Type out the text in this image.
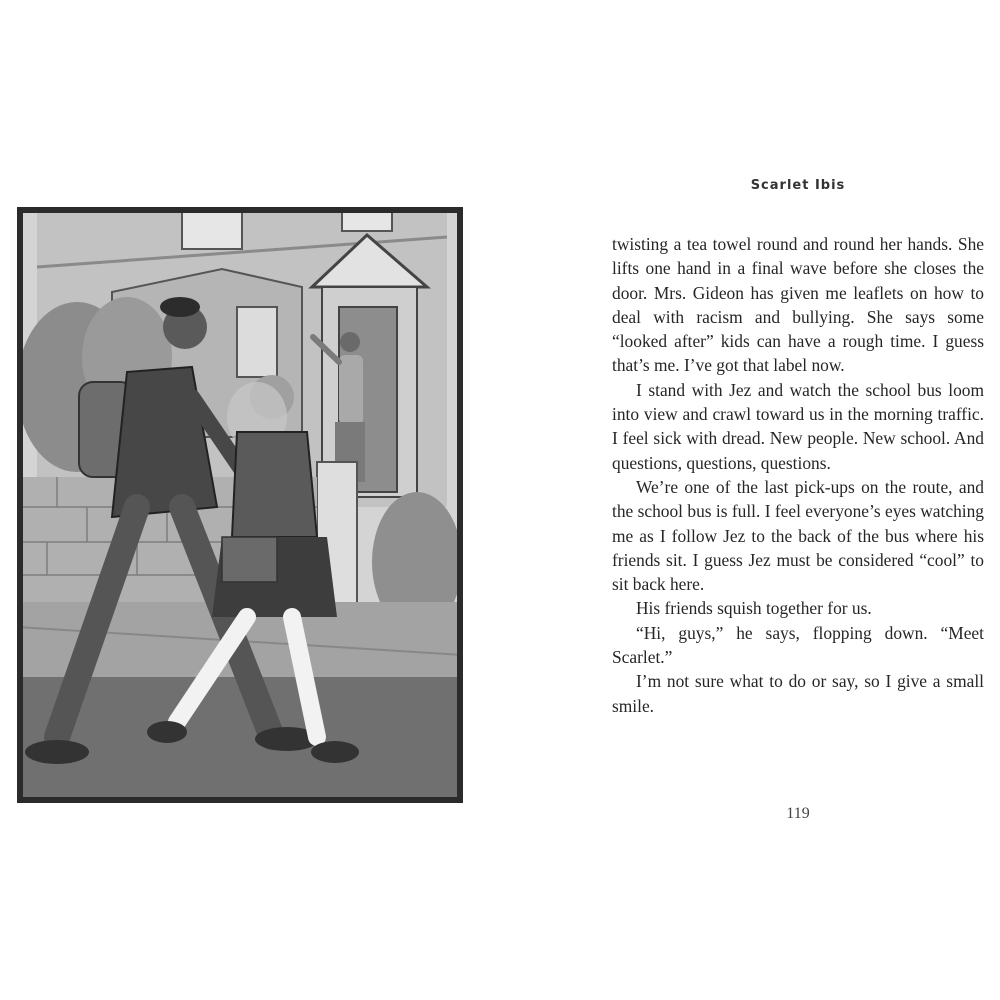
Scarlet Ibis

twisting a tea towel round and round her hands. She lifts one hand in a final wave before she closes the door. Mrs. Gideon has given me leaflets on how to deal with racism and bullying. She says some “looked after” kids can have a rough time. I guess that’s me. I’ve got that label now.

I stand with Jez and watch the school bus loom into view and crawl toward us in the morning traffic. I feel sick with dread. New people. New school. And questions, questions, questions.

We’re one of the last pick-ups on the route, and the school bus is full. I feel everyone’s eyes watching me as I follow Jez to the back of the bus where his friends sit. I guess Jez must be considered “cool” to sit back here.

His friends squish together for us.

“Hi, guys,” he says, flopping down. “Meet Scarlet.”

I’m not sure what to do or say, so I give a small smile.

119
